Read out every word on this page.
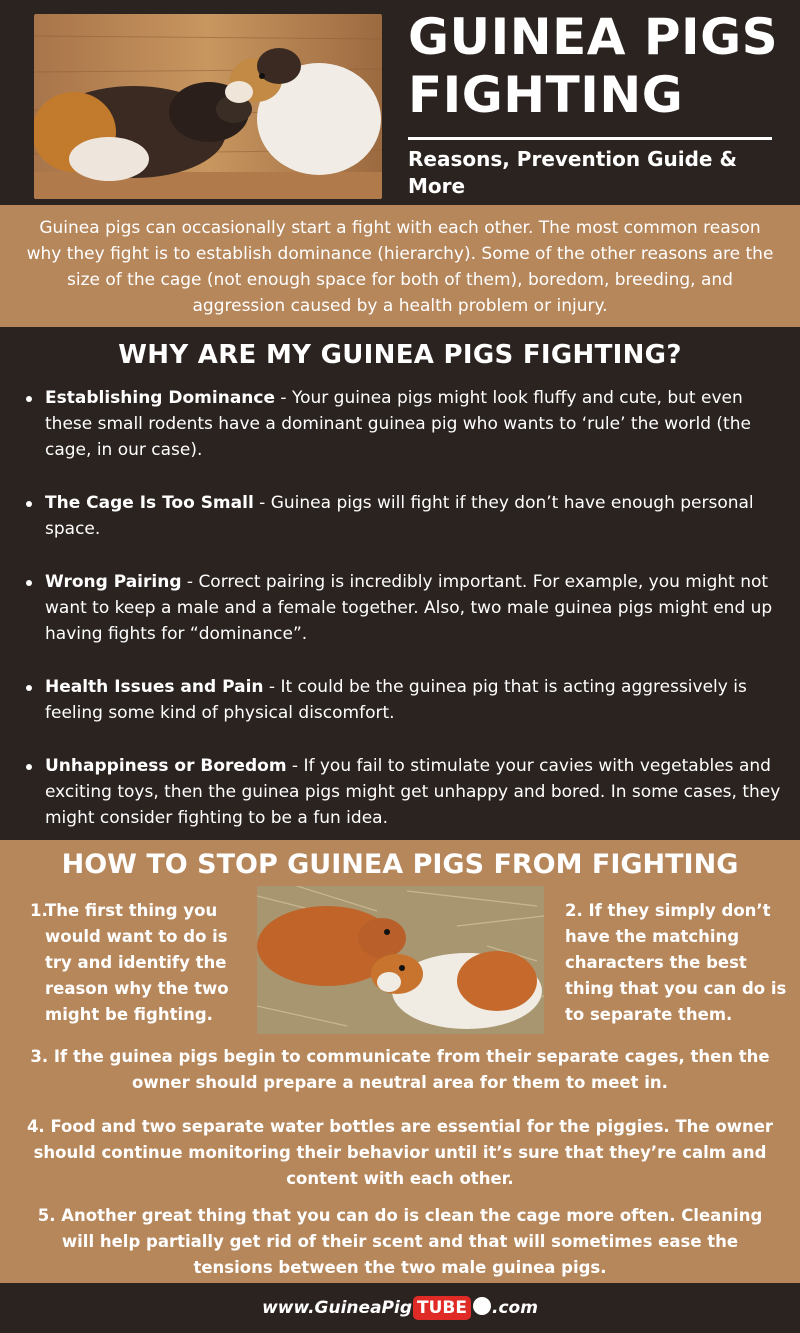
GUINEA PIGS
FIGHTING
Reasons, Prevention Guide &
More

Guinea pigs can occasionally start a fight with each other. The most common reason why they fight is to establish dominance (hierarchy). Some of the other reasons are the size of the cage (not enough space for both of them), boredom, breeding, and aggression caused by a health problem or injury.

WHY ARE MY GUINEA PIGS FIGHTING?
Establishing Dominance - Your guinea pigs might look fluffy and cute, but even these small rodents have a dominant guinea pig who wants to ‘rule’ the world (the cage, in our case).
The Cage Is Too Small - Guinea pigs will fight if they don’t have enough personal space.
Wrong Pairing - Correct pairing is incredibly important. For example, you might not want to keep a male and a female together. Also, two male guinea pigs might end up having fights for “dominance”.
Health Issues and Pain - It could be the guinea pig that is acting aggressively is feeling some kind of physical discomfort.
Unhappiness or Boredom - If you fail to stimulate your cavies with vegetables and exciting toys, then the guinea pigs might get unhappy and bored. In some cases, they might consider fighting to be a fun idea.
HOW TO STOP GUINEA PIGS FROM FIGHTING
1.
The first thing you would want to do is try and identify the reason why the two might be fighting.
2. If they simply don’t have the matching characters the best thing that you can do is to separate them.
3. If the guinea pigs begin to communicate from their separate cages, then the owner should prepare a neutral area for them to meet in.
4. Food and two separate water bottles are essential for the piggies. The owner should continue monitoring their behavior until it’s sure that they’re calm and content with each other.
5. Another great thing that you can do is clean the cage more often. Cleaning will help partially get rid of their scent and that will sometimes ease the tensions between the two male guinea pigs.
www.GuineaPig TUBE .com
